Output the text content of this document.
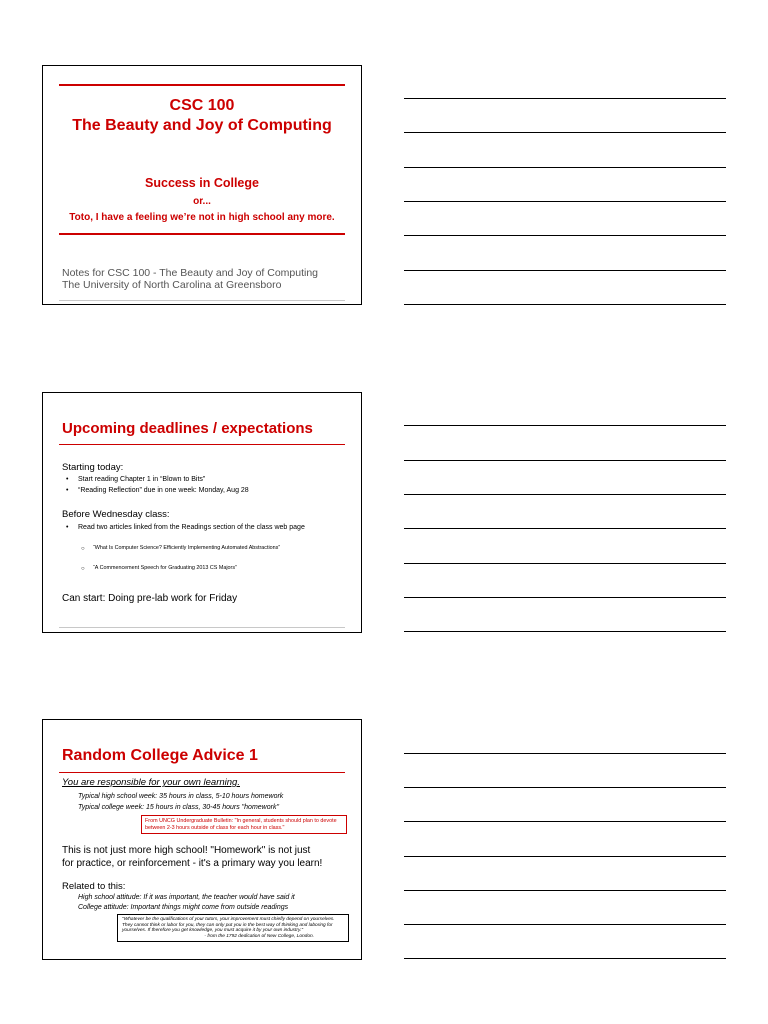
CSC 100
The Beauty and Joy of Computing
Success in College
or...
Toto, I have a feeling we’re not in high school any more.
Notes for CSC 100 - The Beauty and Joy of Computing
The University of North Carolina at Greensboro
Upcoming deadlines / expectations
Starting today:
• Start reading Chapter 1 in “Blown to Bits”
• “Reading Reflection” due in one week: Monday, Aug 28
Before Wednesday class:
• Read two articles linked from the Readings section of the class web page
○ “What Is Computer Science? Efficiently Implementing Automated Abstractions”
○ “A Commencement Speech for Graduating 2013 CS Majors”
Can start: Doing pre-lab work for Friday
Random College Advice 1
You are responsible for your own learning.
Typical high school week: 35 hours in class, 5-10 hours homework
Typical college week: 15 hours in class, 30-45 hours "homework"
From UNCG Undergraduate Bulletin: "In general, students should plan to devote between 2-3 hours outside of class for each hour in class."
This is not just more high school! "Homework" is not just
for practice, or reinforcement - it's a primary way you learn!
Related to this:
High school attitude: If it was important, the teacher would have said it
College attitude: Important things might come from outside readings
"Whatever be the qualifications of your tutors, your improvement must chiefly depend on yourselves. They cannot think or labor for you, they can only put you in the best way of thinking and laboring for yourselves. If therefore you get knowledge, you must acquire it by your own industry."
- from the 1792 dedication of New College, London.
